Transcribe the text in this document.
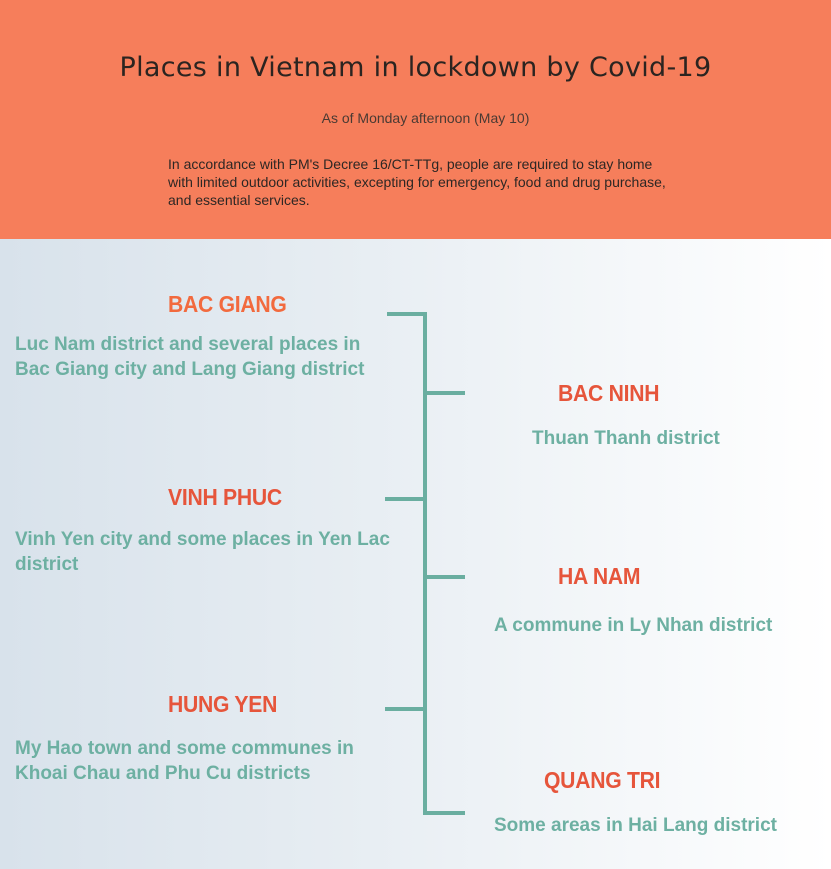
Places in Vietnam in lockdown by Covid-19
As of Monday afternoon (May 10)
In accordance with PM's Decree 16/CT-TTg, people are required to stay home with limited outdoor activities, excepting for emergency, food and drug purchase, and essential services.
BAC GIANG
Luc Nam district and several places in Bac Giang city and Lang Giang district
VINH PHUC
Vinh Yen city and some places in Yen Lac district
HUNG YEN
My Hao town and some communes in Khoai Chau and Phu Cu districts
BAC NINH
Thuan Thanh district
HA NAM
A commune in Ly Nhan district
QUANG TRI
Some areas in Hai Lang district
